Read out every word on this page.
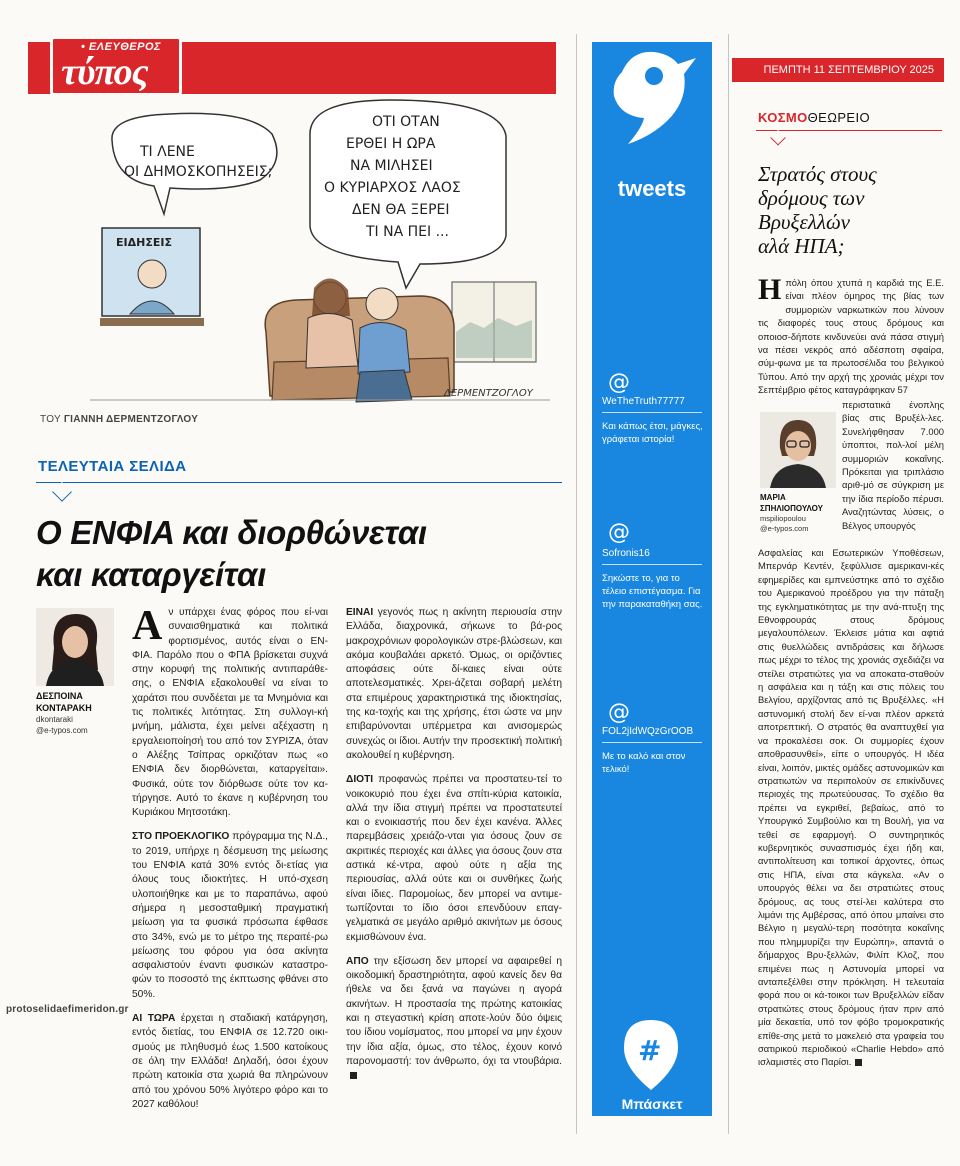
• ΕΛΕΥΘΕΡΟΣ
τύπος	ΠΕΜΠΤΗ 11 ΣΕΠΤΕΜΒΡΙΟΥ 2025
ΤΙ ΛΕΝΕ
ΟΙ ΔΗΜΟΣΚΟΠΗΣΕΙΣ;
ΟΤΙ ΟΤΑΝ
ΕΡΘΕΙ Η ΩΡΑ
ΝΑ ΜΙΛΗΣΕΙ
Ο ΚΥΡΙΑΡΧΟΣ ΛΑΟΣ
ΔΕΝ ΘΑ ΞΕΡΕΙ
ΤΙ ΝΑ ΠΕΙ ...
ΕΙΔΗΣΕΙΣ
ΔΕΡΜΕΝΤΖΟΓΛΟΥ
ΤΟΥ ΓΙΑΝΝΗ ΔΕΡΜΕΝΤΖΟΓΛΟΥ
ΤΕΛΕΥΤΑΙΑ ΣΕΛΙΔΑ
Ο ΕΝΦΙΑ και διορθώνεται
και καταργείται
ΔΕΣΠΟΙΝΑ
ΚΟΝΤΑΡΑΚΗ
dkontaraki
@e-typos.com

Αν υπάρχει ένας φόρος που εί-ναι συναισθηματικά και πολιτικά φορτισμένος, αυτός είναι ο ΕΝ-ΦΙΑ. Παρόλο που ο ΦΠΑ βρίσκεται συχνά στην κορυφή της πολιτικής αντιπαράθε-σης, ο ΕΝΦΙΑ εξακολουθεί να είναι το χαράτσι που συνδέεται με τα Μνημόνια και τις πολιτικές λιτότητας. Στη συλλογι-κή μνήμη, μάλιστα, έχει μείνει αξέχαστη η εργαλειοποίησή του από τον ΣΥΡΙΖΑ, όταν ο Αλέξης Τσίπρας ορκιζόταν πως «ο ΕΝΦΙΑ δεν διορθώνεται, καταργείται». Φυσικά, ούτε τον διόρθωσε ούτε τον κα-τήργησε. Αυτό το έκανε η κυβέρνηση του Κυριάκου Μητσοτάκη.

ΣΤΟ ΠΡΟΕΚΛΟΓΙΚΟ πρόγραμμα της Ν.Δ., το 2019, υπήρχε η δέσμευση της μείωσης του ΕΝΦΙΑ κατά 30% εντός δι-ετίας για όλους τους ιδιοκτήτες. Η υπό-σχεση υλοποιήθηκε και με το παραπάνω, αφού σήμερα η μεσοσταθμική πραγματική μείωση για τα φυσικά πρόσωπα έφθασε στο 34%, ενώ με το μέτρο της περαιτέ-ρω μείωσης του φόρου για όσα ακίνητα ασφαλιστούν έναντι φυσικών καταστρο-φών το ποσοστό της έκπτωσης φθάνει στο 50%.

ΑΙ ΤΩΡΑ έρχεται η σταδιακή κατάργηση, εντός διετίας, του ΕΝΦΙΑ σε 12.720 οικι-σμούς με πληθυσμό έως 1.500 κατοίκους σε όλη την Ελλάδα! Δηλαδή, όσοι έχουν πρώτη κατοικία στα χωριά θα πληρώνουν από του χρόνου 50% λιγότερο φόρο και το 2027 καθόλου!

ΕΙΝΑΙ γεγονός πως η ακίνητη περιουσία στην Ελλάδα, διαχρονικά, σήκωνε το βά-ρος μακροχρόνιων φορολογικών στρε-βλώσεων, και ακόμα κουβαλάει αρκετό. Όμως, οι οριζόντιες αποφάσεις ούτε δί-καιες είναι ούτε αποτελεσματικές. Χρει-άζεται σοβαρή μελέτη στα επιμέρους χαρακτηριστικά της ιδιοκτησίας, της κα-τοχής και της χρήσης, έτσι ώστε να μην επιβαρύνονται υπέρμετρα και ανισομερώς συνεχώς οι ίδιοι. Αυτήν την προσεκτική πολιτική ακολουθεί η κυβέρνηση.

ΔΙΟΤΙ προφανώς πρέπει να προστατευ-τεί το νοικοκυριό που έχει ένα σπίτι-κύρια κατοικία, αλλά την ίδια στιγμή πρέπει να προστατευτεί και ο ενοικιαστής που δεν έχει κανένα. Άλλες παρεμβάσεις χρειάζο-νται για όσους ζουν σε ακριτικές περιοχές και άλλες για όσους ζουν στα αστικά κέ-ντρα, αφού ούτε η αξία της περιουσίας, αλλά ούτε και οι συνθήκες ζωής είναι ίδιες. Παρομοίως, δεν μπορεί να αντιμε-τωπίζονται το ίδιο όσοι επενδύουν επαγ-γελματικά σε μεγάλο αριθμό ακινήτων με όσους εκμισθώνουν ένα.

ΑΠΟ την εξίσωση δεν μπορεί να αφαιρεθεί η οικοδομική δραστηριότητα, αφού κανείς δεν θα ήθελε να δει ξανά να παγώνει η αγορά ακινήτων. Η προστασία της πρώτης κατοικίας και η στεγαστική κρίση αποτε-λούν δύο όψεις του ίδιου νομίσματος, που μπορεί να μην έχουν την ίδια αξία, όμως, στο τέλος, έχουν κοινό παρονομαστή: τον άνθρωπο, όχι τα ντουβάρια.

protoselidaefimeridon.gr
tweets
@
WeTheTruth77777
Και κάπως έτσι, μάγκες, γράφεται ιστορία!
@
Sofronis16
Σηκώστε το, για το τέλειο επιστέγασμα. Για την παρακαταθήκη σας.
@
FOL2jIdWQzGrOOB
Με το καλό και στον τελικό!
#
Μπάσκετ
ΚΟΣΜΟΘΕΩΡΕΙΟ
Στρατός στους
δρόμους των
Βρυξελλών
αλά ΗΠΑ;
Ηπόλη όπου χτυπά η καρδιά της Ε.Ε. είναι πλέον όμηρος της βίας των συμμοριών ναρκωτικών που λύνουν τις διαφορές τους στους δρόμους και οποιοσ-δήποτε κινδυνεύει ανά πάσα στιγμή να πέσει νεκρός από αδέσποτη σφαίρα, σύμ-φωνα με τα πρωτοσέλιδα του βελγικού Τύπου. Από την αρχή της χρονιάς μέχρι τον Σεπτέμβριο φέτος καταγράφηκαν 57
περιστατικά ένοπλης βίας στις Βρυξέλ-λες. Συνελήφθησαν 7.000 ύποπτοι, πολ-λοί μέλη συμμοριών κοκαΐνης. Πρόκειται για τριπλάσιο αριθ-μό σε σύγκριση με την ίδια περίοδο πέρυσι. Αναζητώντας λύσεις, ο Βέλγος υπουργός
ΜΑΡΙΑ
ΣΠΗΛΙΟΠΟΥΛΟΥ
mspiliopoulou
@e-typos.com
Ασφαλείας και Εσωτερικών Υποθέσεων, Μπερνάρ Κεντέν, ξεφύλλισε αμερικανι-κές εφημερίδες και εμπνεύστηκε από το σχέδιο του Αμερικανού προέδρου για την πάταξη της εγκληματικότητας με την ανά-πτυξη της Εθνοφρουράς στους δρόμους μεγαλουπόλεων. Έκλεισε μάτια και αφτιά στις θυελλώδεις αντιδράσεις και δήλωσε πως μέχρι το τέλος της χρονιάς σχεδιάζει να στείλει στρατιώτες για να αποκατα-σταθούν η ασφάλεια και η τάξη και στις πόλεις του Βελγίου, αρχίζοντας από τις Βρυξέλλες. «Η αστυνομική στολή δεν εί-ναι πλέον αρκετά αποτρεπτική. Ο στρατός θα αναπτυχθεί για να προκαλέσει σοκ. Οι συμμορίες έχουν αποθρασυνθεί», είπε ο υπουργός. Η ιδέα είναι, λοιπόν, μικτές ομάδες αστυνομικών και στρατιωτών να περιπολούν σε επικίνδυνες περιοχές της πρωτεύουσας. Το σχέδιο θα πρέπει να εγκριθεί, βεβαίως, από το Υπουργικό Συμβούλιο και τη Βουλή, για να τεθεί σε εφαρμογή. Ο συντηρητικός κυβερνητικός συνασπισμός έχει ήδη και, αντιπολίτευση και τοπικοί άρχοντες, όπως στις ΗΠΑ, είναι στα κάγκελα. «Αν ο υπουργός θέλει να δει στρατιώτες στους δρόμους, ας τους στεί-λει καλύτερα στο λιμάνι της Αμβέρσας, από όπου μπαίνει στο Βέλγιο η μεγαλύ-τερη ποσότητα κοκαΐνης που πλημμυρίζει την Ευρώπη», απαντά ο δήμαρχος Βρυ-ξελλών, Φιλίπ Κλοζ, που επιμένει πως η Αστυνομία μπορεί να ανταπεξέλθει στην πρόκληση. Η τελευταία φορά που οι κά-τοικοι των Βρυξελλών είδαν στρατιώτες στους δρόμους ήταν πριν από μία δεκαετία, υπό τον φόβο τρομοκρατικής επίθε-σης μετά το μακελειό στα γραφεία του σατιρικού περιοδικού «Charlie Hebdo» από ισλαμιστές στο Παρίσι.
